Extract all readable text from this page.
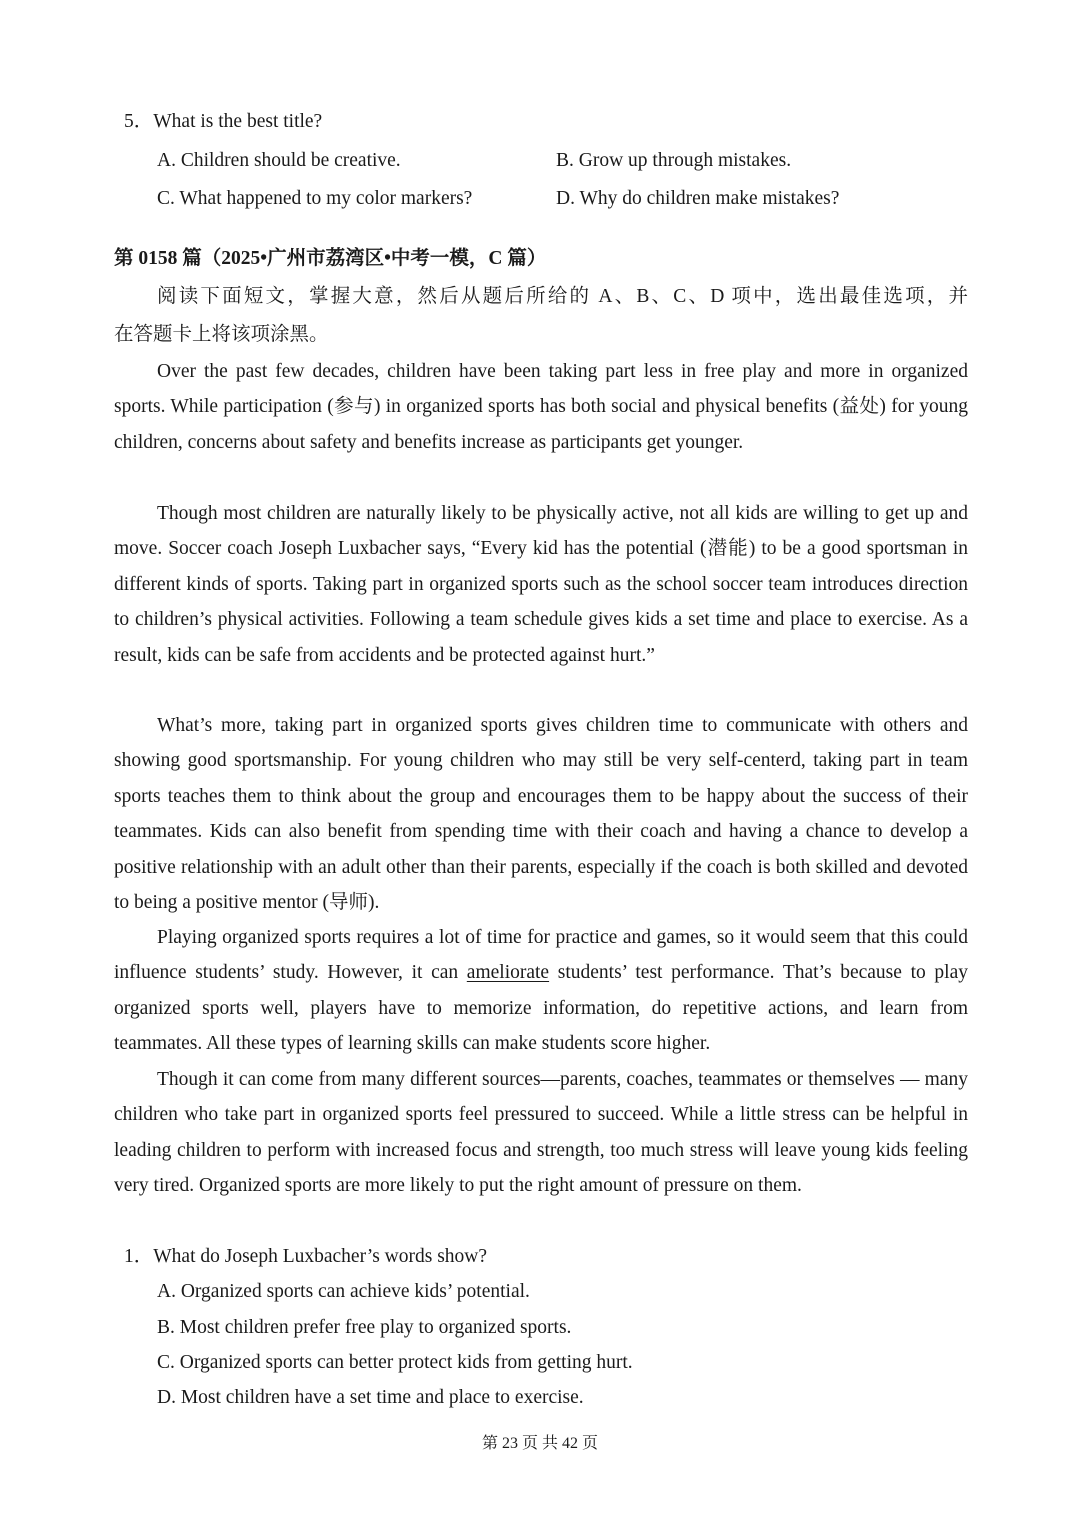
5．What is the best title?
A. Children should be creative.	B. Grow up through mistakes.
C. What happened to my color markers?	D. Why do children make mistakes?
第 0158 篇（2025•广州市荔湾区•中考一模，C 篇）
阅读下面短文，掌握大意，然后从题后所给的 A、B、C、D 项中，选出最佳选项，并
在答题卡上将该项涂黑。

Over the past few decades, children have been taking part less in free play and more in organized sports. While participation (参与) in organized sports has both social and physical benefits (益处) for young children, concerns about safety and benefits increase as participants get younger.

Though most children are naturally likely to be physically active, not all kids are willing to get up and move. Soccer coach Joseph Luxbacher says, “Every kid has the potential (潜能) to be a good sportsman in different kinds of sports. Taking part in organized sports such as the school soccer team introduces direction to children’s physical activities. Following a team schedule gives kids a set time and place to exercise. As a result, kids can be safe from accidents and be protected against hurt.”

What’s more, taking part in organized sports gives children time to communicate with others and showing good sportsmanship. For young children who may still be very self-centerd, taking part in team sports teaches them to think about the group and encourages them to be happy about the success of their teammates. Kids can also benefit from spending time with their coach and having a chance to develop a positive relationship with an adult other than their parents, especially if the coach is both skilled and devoted to being a positive mentor (导师).

Playing organized sports requires a lot of time for practice and games, so it would seem that this could influence students’ study. However, it can ameliorate students’ test performance. That’s because to play organized sports well, players have to memorize information, do repetitive actions, and learn from teammates. All these types of learning skills can make students score higher.

Though it can come from many different sources—parents, coaches, teammates or themselves — many children who take part in organized sports feel pressured to succeed. While a little stress can be helpful in leading children to perform with increased focus and strength, too much stress will leave young kids feeling very tired. Organized sports are more likely to put the right amount of pressure on them.

1．What do Joseph Luxbacher’s words show?
A. Organized sports can achieve kids’ potential.
B. Most children prefer free play to organized sports.
C. Organized sports can better protect kids from getting hurt.
D. Most children have a set time and place to exercise.
第 23 页 共 42 页
